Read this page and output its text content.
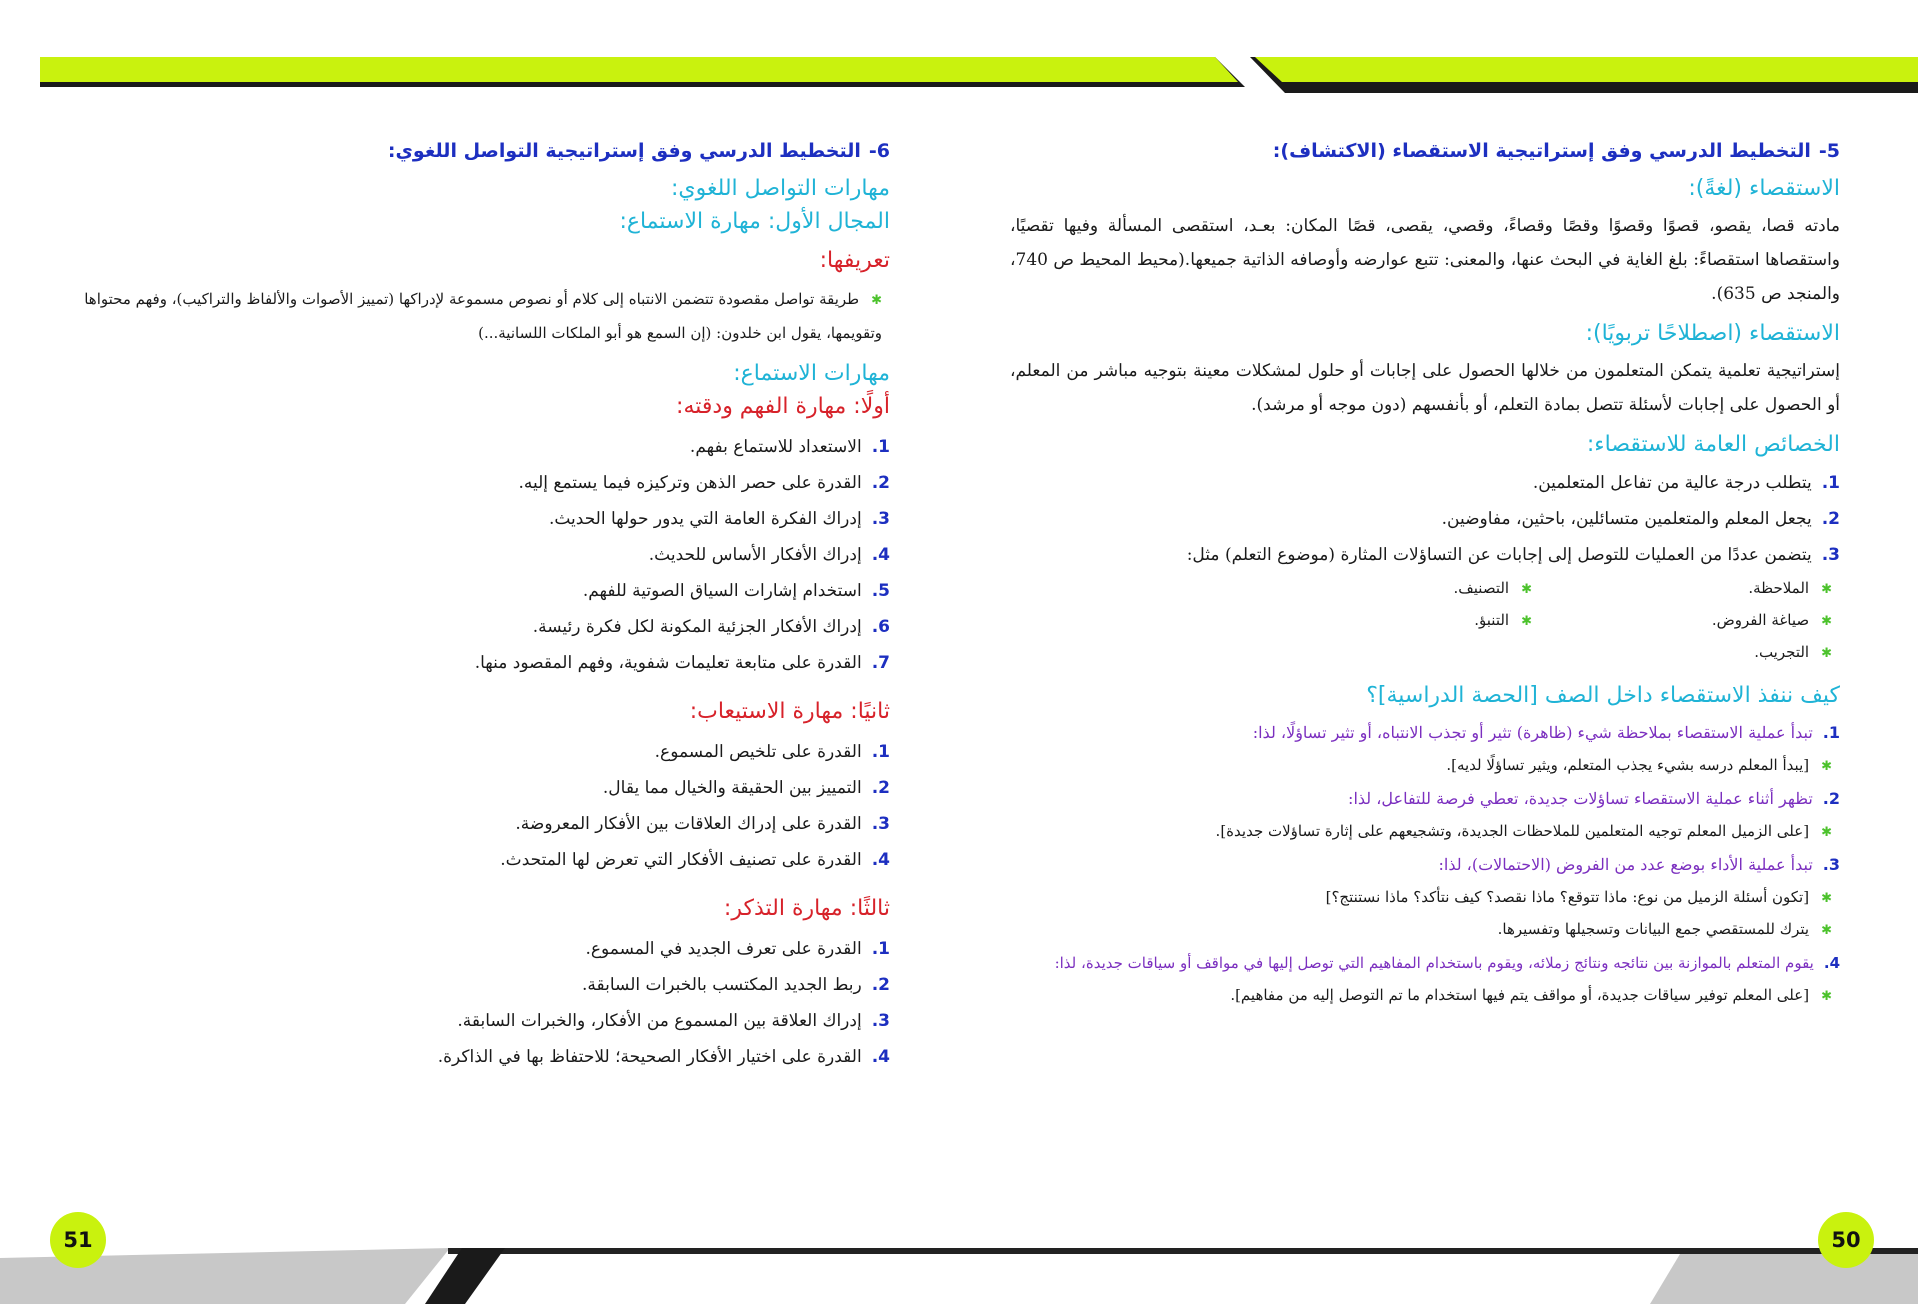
51	50
5-التخطيط الدرسي وفق إستراتيجية الاستقصاء (الاكتشاف):
الاستقصاء (لغةً):

مادته قصا، يقصو، قصوًا وقصوًا وقصًا وقصاءً، وقصي، يقصى، قصًا المكان: بعـد، استقصى المسألة وفيها تقصيًا، واستقصاها استقصاءً: بلغ الغاية في البحث عنها، والمعنى: تتبع عوارضه وأوصافه الذاتية جميعها.(محيط المحيط ص 740، والمنجد ص 635).

الاستقصاء (اصطلاحًا تربويًا):

إستراتيجية تعلمية يتمكن المتعلمون من خلالها الحصول على إجابات أو حلول لمشكلات معينة بتوجيه مباشر من المعلم، أو الحصول على إجابات لأسئلة تتصل بمادة التعلم، أو بأنفسهم (دون موجه أو مرشد).

الخصائص العامة للاستقصاء:
1.يتطلب درجة عالية من تفاعل المتعلمين.
2.يجعل المعلم والمتعلمين متسائلين، باحثين، مفاوضين.
3.يتضمن عددًا من العمليات للتوصل إلى إجابات عن التساؤلات المثارة (موضوع التعلم) مثل:
✱الملاحظة.
✱التصنيف.
✱صياغة الفروض.
✱التنبؤ.
✱التجريب.
كيف ننفذ الاستقصاء داخل الصف [الحصة الدراسية]؟
1.تبدأ عملية الاستقصاء بملاحظة شيء (ظاهرة) تثير أو تجذب الانتباه، أو تثير تساؤلًا، لذا:
✱[يبدأ المعلم درسه بشيء يجذب المتعلم، ويثير تساؤلًا لديه].
2.تظهر أثناء عملية الاستقصاء تساؤلات جديدة، تعطي فرصة للتفاعل، لذا:
✱[على الزميل المعلم توجيه المتعلمين للملاحظات الجديدة، وتشجيعهم على إثارة تساؤلات جديدة].
3.تبدأ عملية الأداء بوضع عدد من الفروض (الاحتمالات)، لذا:
✱[تكون أسئلة الزميل من نوع: ماذا تتوقع؟ ماذا نقصد؟ كيف نتأكد؟ ماذا نستنتج؟]
✱يترك للمستقصي جمع البيانات وتسجيلها وتفسيرها.
4.يقوم المتعلم بالموازنة بين نتائجه ونتائج زملائه، ويقوم باستخدام المفاهيم التي توصل إليها في مواقف أو سياقات جديدة، لذا:
✱[على المعلم توفير سياقات جديدة، أو مواقف يتم فيها استخدام ما تم التوصل إليه من مفاهيم].
6-التخطيط الدرسي وفق إستراتيجية التواصل اللغوي:
مهارات التواصل اللغوي:
المجال الأول: مهارة الاستماع:
تعريفها:
✱طريقة تواصل مقصودة تتضمن الانتباه إلى كلام أو نصوص مسموعة لإدراكها (تمييز الأصوات والألفاظ والتراكيب)، وفهم محتواها وتقويمها، يقول ابن خلدون: (إن السمع هو أبو الملكات اللسانية...)
مهارات الاستماع:
أولًا: مهارة الفهم ودقته:
1.الاستعداد للاستماع بفهم.
2.القدرة على حصر الذهن وتركيزه فيما يستمع إليه.
3.إدراك الفكرة العامة التي يدور حولها الحديث.
4.إدراك الأفكار الأساس للحديث.
5.استخدام إشارات السياق الصوتية للفهم.
6.إدراك الأفكار الجزئية المكونة لكل فكرة رئيسة.
7.القدرة على متابعة تعليمات شفوية، وفهم المقصود منها.
ثانيًا: مهارة الاستيعاب:
1.القدرة على تلخيص المسموع.
2.التمييز بين الحقيقة والخيال مما يقال.
3.القدرة على إدراك العلاقات بين الأفكار المعروضة.
4.القدرة على تصنيف الأفكار التي تعرض لها المتحدث.
ثالثًا: مهارة التذكر:
1.القدرة على تعرف الجديد في المسموع.
2.ربط الجديد المكتسب بالخبرات السابقة.
3.إدراك العلاقة بين المسموع من الأفكار، والخبرات السابقة.
4.القدرة على اختيار الأفكار الصحيحة؛ للاحتفاظ بها في الذاكرة.
